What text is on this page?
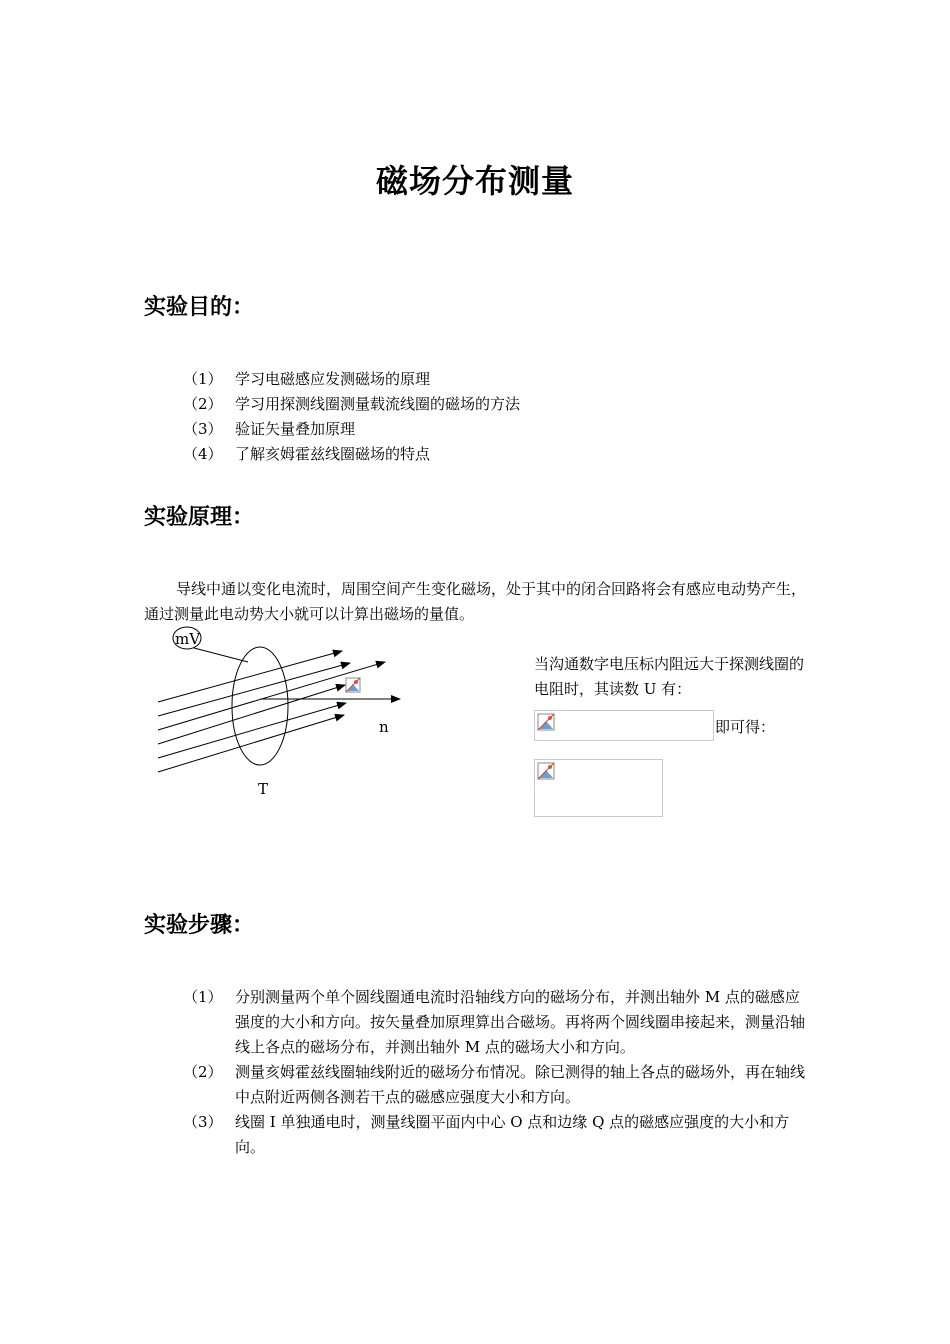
磁场分布测量
实验目的：
（1） 学习电磁感应发测磁场的原理
（2） 学习用探测线圈测量载流线圈的磁场的方法
（3） 验证矢量叠加原理
（4） 了解亥姆霍兹线圈磁场的特点
实验原理：
导线中通以变化电流时，周围空间产生变化磁场，处于其中的闭合回路将会有感应电动势产生，通过测量此电动势大小就可以计算出磁场的量值。
mV
n
T
当沟通数字电压标内阻远大于探测线圈的电阻时，其读数 U 有：
即可得：
实验步骤：
（1） 分别测量两个单个圆线圈通电流时沿轴线方向的磁场分布，并测出轴外 M 点的磁感应强度的大小和方向。按矢量叠加原理算出合磁场。再将两个圆线圈串接起来，测量沿轴线上各点的磁场分布，并测出轴外 M 点的磁场大小和方向。
（2） 测量亥姆霍兹线圈轴线附近的磁场分布情况。除已测得的轴上各点的磁场外，再在轴线中点附近两侧各测若干点的磁感应强度大小和方向。
（3） 线圈 I 单独通电时，测量线圈平面内中心 O 点和边缘 Q 点的磁感应强度的大小和方向。
